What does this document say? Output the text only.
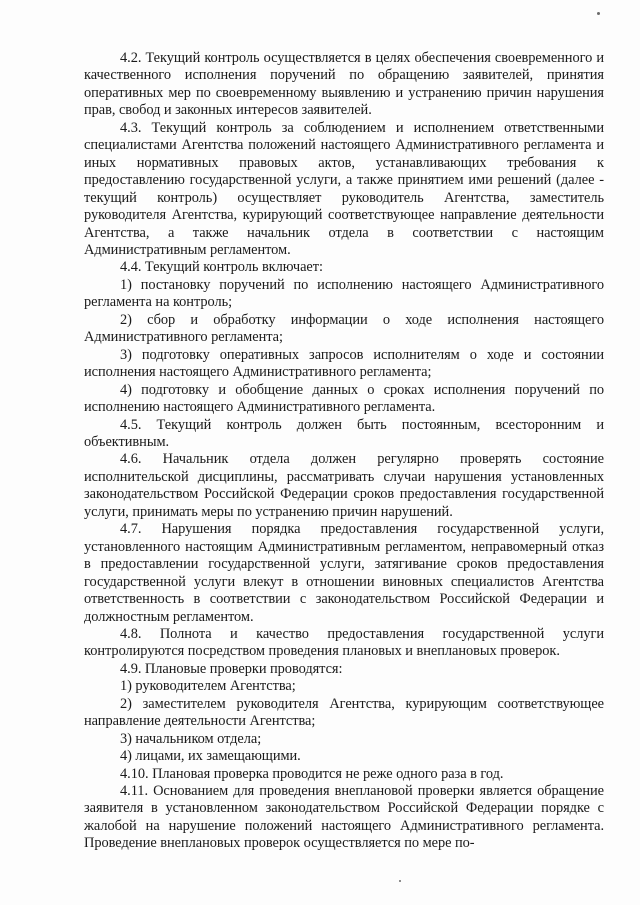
4.2. Текущий контроль осуществляется в целях обеспечения своевременного и качественного исполнения поручений по обращению заявителей, принятия оперативных мер по своевременному выявлению и устранению причин нарушения прав, свобод и законных интересов заявителей.

4.3. Текущий контроль за соблюдением и исполнением ответственными специалистами Агентства положений настоящего Административного регламента и иных нормативных правовых актов, устанавливающих требования к предоставлению государственной услуги, а также принятием ими решений (далее - текущий контроль) осуществляет руководитель Агентства, заместитель руководителя Агентства, курирующий соответствующее направление деятельности Агентства, а также начальник отдела в соответствии с настоящим Административным регламентом.

4.4. Текущий контроль включает:

1) постановку поручений по исполнению настоящего Административного регламента на контроль;

2) сбор и обработку информации о ходе исполнения настоящего Административного регламента;

3) подготовку оперативных запросов исполнителям о ходе и состоянии исполнения настоящего Административного регламента;

4) подготовку и обобщение данных о сроках исполнения поручений по исполнению настоящего Административного регламента.

4.5. Текущий контроль должен быть постоянным, всесторонним и объективным.

4.6. Начальник отдела должен регулярно проверять состояние исполнительской дисциплины, рассматривать случаи нарушения установленных законодательством Российской Федерации сроков предоставления государственной услуги, принимать меры по устранению причин нарушений.

4.7. Нарушения порядка предоставления государственной услуги, установленного настоящим Административным регламентом, неправомерный отказ в предоставлении государственной услуги, затягивание сроков предоставления государственной услуги влекут в отношении виновных специалистов Агентства ответственность в соответствии с законодательством Российской Федерации и должностным регламентом.

4.8. Полнота и качество предоставления государственной услуги контролируются посредством проведения плановых и внеплановых проверок.

4.9. Плановые проверки проводятся:

1) руководителем Агентства;

2) заместителем руководителя Агентства, курирующим соответствующее направление деятельности Агентства;

3) начальником отдела;

4) лицами, их замещающими.

4.10. Плановая проверка проводится не реже одного раза в год.

4.11. Основанием для проведения внеплановой проверки является обращение заявителя в установленном законодательством Российской Федерации порядке с жалобой на нарушение положений настоящего Административного регламента. Проведение внеплановых проверок осуществляется по мере по-
